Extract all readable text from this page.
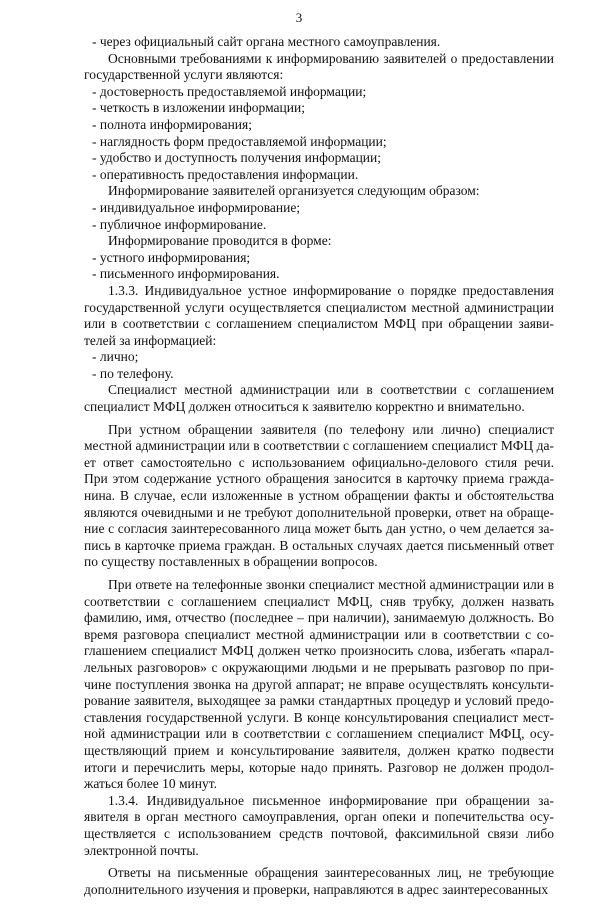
3

- через официальный сайт органа местного самоуправления.

Основными требованиями к информированию заявителей о предоставлении государственной услуги являются:

- достоверность предоставляемой информации;

- четкость в изложении информации;

- полнота информирования;

- наглядность форм предоставляемой информации;

- удобство и доступность получения информации;

- оперативность предоставления информации.

Информирование заявителей организуется следующим образом:

- индивидуальное информирование;

- публичное информирование.

Информирование проводится в форме:

- устного информирования;

- письменного информирования.

1.3.3. Индивидуальное устное информирование о порядке предоставления государственной услуги осуществляется специалистом местной администрации или в соответствии с соглашением специалистом МФЦ при обращении заявителей за информацией:

- лично;

- по телефону.

Специалист местной администрации или в соответствии с соглашением специалист МФЦ должен относиться к заявителю корректно и внимательно.

При устном обращении заявителя (по телефону или лично) специалист местной администрации или в соответствии с соглашением специалист МФЦ дает ответ самостоятельно с использованием официально-делового стиля речи. При этом содержание устного обращения заносится в карточку приема гражданина. В случае, если изложенные в устном обращении факты и обстоятельства являются очевидными и не требуют дополнительной проверки, ответ на обращение с согласия заинтересованного лица может быть дан устно, о чем делается запись в карточке приема граждан. В остальных случаях дается письменный ответ по существу поставленных в обращении вопросов.

При ответе на телефонные звонки специалист местной администрации или в соответствии с соглашением специалист МФЦ, сняв трубку, должен назвать фамилию, имя, отчество (последнее – при наличии), занимаемую должность. Во время разговора специалист местной администрации или в соответствии с соглашением специалист МФЦ должен четко произносить слова, избегать «параллельных разговоров» с окружающими людьми и не прерывать разговор по причине поступления звонка на другой аппарат; не вправе осуществлять консультирование заявителя, выходящее за рамки стандартных процедур и условий предоставления государственной услуги. В конце консультирования специалист местной администрации или в соответствии с соглашением специалист МФЦ, осуществляющий прием и консультирование заявителя, должен кратко подвести итоги и перечислить меры, которые надо принять. Разговор не должен продолжаться более 10 минут.

1.3.4. Индивидуальное письменное информирование при обращении заявителя в орган местного самоуправления, орган опеки и попечительства осуществляется с использованием средств почтовой, факсимильной связи либо электронной почты.

Ответы на письменные обращения заинтересованных лиц, не требующие дополнительного изучения и проверки, направляются в адрес заинтересованных
